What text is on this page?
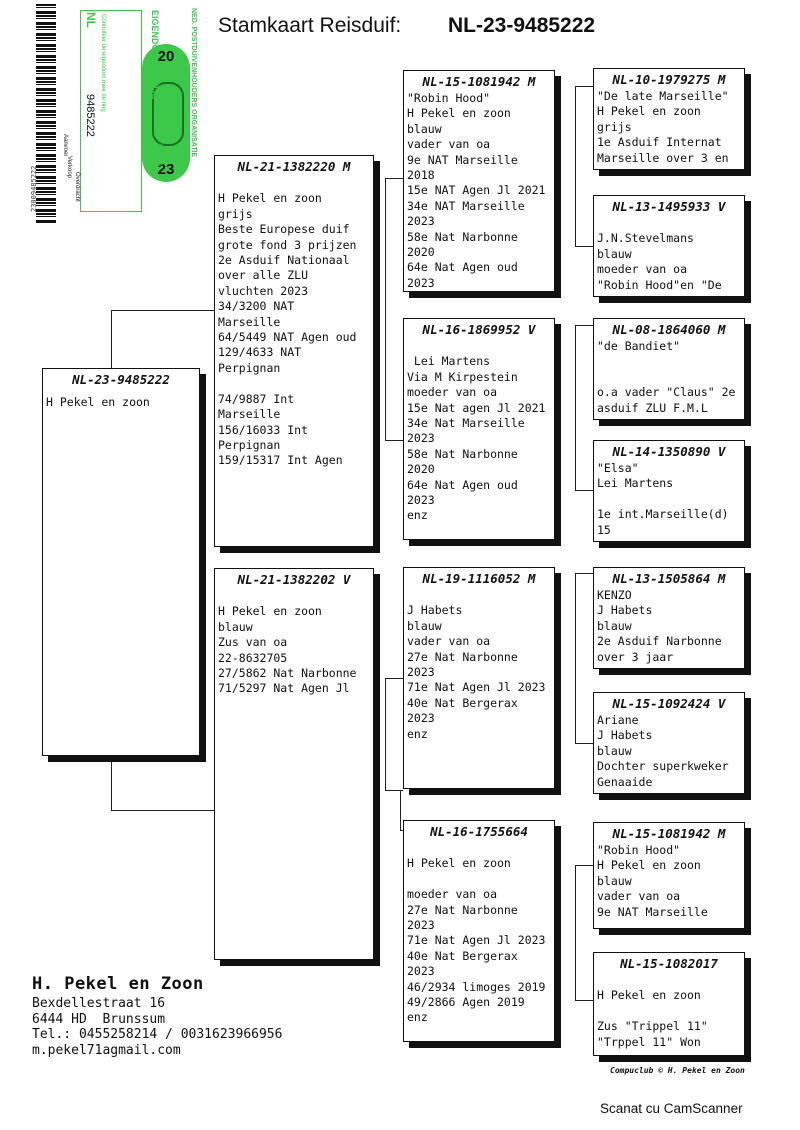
Stamkaart Reisduif: NL-23-9485222
23009485222
Controleer de eigendom mee de ring
NL
9485222
Aanvoer
Verkoop
Overdracht
20
23
EIGENDOMSBEWIJS
RING	NED. POSTDUIVENHOUDERS ORGANISATIE
NL-23-9485222
H Pekel en zoon
NL-21-1382220 M

H Pekel en zoon
grijs
Beste Europese duif
grote fond 3 prijzen
2e Asduif Nationaal
over alle ZLU
vluchten 2023
34/3200 NAT
Marseille
64/5449 NAT Agen oud
129/4633 NAT
Perpignan

74/9887 Int
Marseille
156/16033 Int
Perpignan
159/15317 Int Agen
NL-21-1382202 V

H Pekel en zoon
blauw
Zus van oa
22-8632705
27/5862 Nat Narbonne
71/5297 Nat Agen Jl
NL-15-1081942 M
"Robin Hood"
H Pekel en zoon
blauw
vader van oa
9e NAT Marseille
2018
15e NAT Agen Jl 2021
34e NAT Marseille
2023
58e Nat Narbonne
2020
64e Nat Agen oud
2023
NL-16-1869952 V

Lei Martens
Via M Kirpestein
moeder van oa
15e Nat agen Jl 2021
34e Nat Marseille
2023
58e Nat Narbonne
2020
64e Nat Agen oud
2023
enz
NL-19-1116052 M

J Habets
blauw
vader van oa
27e Nat Narbonne
2023
71e Nat Agen Jl 2023
40e Nat Bergerax
2023
enz
NL-16-1755664

H Pekel en zoon

moeder van oa
27e Nat Narbonne
2023
71e Nat Agen Jl 2023
40e Nat Bergerax
2023
46/2934 limoges 2019
49/2866 Agen 2019
enz
NL-10-1979275 M
"De late Marseille"
H Pekel en zoon
grijs
1e Asduif Internat
Marseille over 3 en
NL-13-1495933 V

J.N.Stevelmans
blauw
moeder van oa
"Robin Hood"en "De
NL-08-1864060 M
"de Bandiet"

o.a vader "Claus" 2e
asduif ZLU F.M.L
NL-14-1350890 V
"Elsa"
Lei Martens

1e int.Marseille(d)
15
NL-13-1505864 M
KENZO
J Habets
blauw
2e Asduif Narbonne
over 3 jaar
NL-15-1092424 V
Ariane
J Habets
blauw
Dochter superkweker
Genaaide
NL-15-1081942 M
"Robin Hood"
H Pekel en zoon
blauw
vader van oa
9e NAT Marseille
NL-15-1082017

H Pekel en zoon

Zus "Trippel 11"
"Trppel 11" Won
H. Pekel en Zoon
Bexdellestraat 16
6444 HD  Brunssum
Tel.: 0455258214 / 0031623966956
m.pekel71agmail.com
Compuclub © H. Pekel en Zoon
Scanat cu CamScanner
